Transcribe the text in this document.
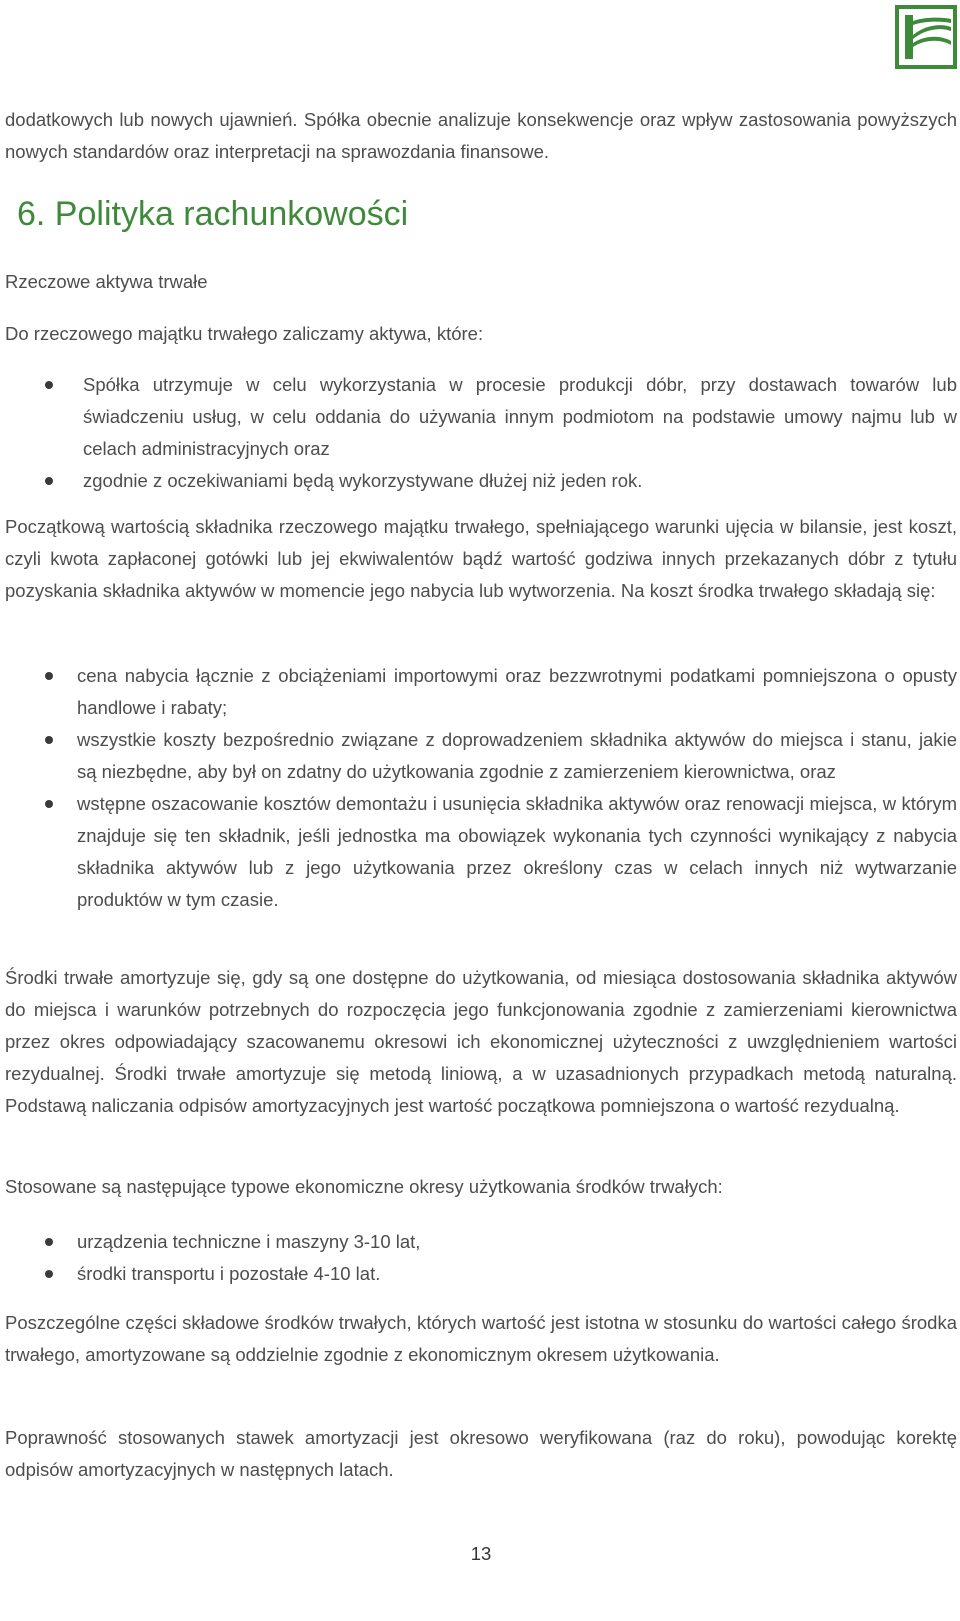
dodatkowych lub nowych ujawnień. Spółka obecnie analizuje konsekwencje oraz wpływ zastosowania powyższych nowych standardów oraz interpretacji na sprawozdania finansowe.

6. Polityka rachunkowości
Rzeczowe aktywa trwałe

Do rzeczowego majątku trwałego zaliczamy aktywa, które:

Spółka utrzymuje w celu wykorzystania w procesie produkcji dóbr, przy dostawach towarów lub świadczeniu usług, w celu oddania do używania innym podmiotom na podstawie umowy najmu lub w celach administracyjnych oraz
zgodnie z oczekiwaniami będą wykorzystywane dłużej niż jeden rok.

Początkową wartością składnika rzeczowego majątku trwałego, spełniającego warunki ujęcia w bilansie, jest koszt, czyli kwota zapłaconej gotówki lub jej ekwiwalentów bądź wartość godziwa innych przekazanych dóbr z tytułu pozyskania składnika aktywów w momencie jego nabycia lub wytworzenia. Na koszt środka trwałego składają się:

cena nabycia łącznie z obciążeniami importowymi oraz bezzwrotnymi podatkami pomniejszona o opusty handlowe i rabaty;
wszystkie koszty bezpośrednio związane z doprowadzeniem składnika aktywów do miejsca i stanu, jakie są niezbędne, aby był on zdatny do użytkowania zgodnie z zamierzeniem kierownictwa, oraz
wstępne oszacowanie kosztów demontażu i usunięcia składnika aktywów oraz renowacji miejsca, w którym znajduje się ten składnik, jeśli jednostka ma obowiązek wykonania tych czynności wynikający z nabycia składnika aktywów lub z jego użytkowania przez określony czas w celach innych niż wytwarzanie produktów w tym czasie.

Środki trwałe amortyzuje się, gdy są one dostępne do użytkowania, od miesiąca dostosowania składnika aktywów do miejsca i warunków potrzebnych do rozpoczęcia jego funkcjonowania zgodnie z zamierzeniami kierownictwa przez okres odpowiadający szacowanemu okresowi ich ekonomicznej użyteczności z uwzględnieniem wartości rezydualnej. Środki trwałe amortyzuje się metodą liniową, a w uzasadnionych przypadkach metodą naturalną. Podstawą naliczania odpisów amortyzacyjnych jest wartość początkowa pomniejszona o wartość rezydualną.

Stosowane są następujące typowe ekonomiczne okresy użytkowania środków trwałych:

urządzenia techniczne i maszyny 3-10 lat,
środki transportu i pozostałe 4-10 lat.

Poszczególne części składowe środków trwałych, których wartość jest istotna w stosunku do wartości całego środka trwałego, amortyzowane są oddzielnie zgodnie z ekonomicznym okresem użytkowania.

Poprawność stosowanych stawek amortyzacji jest okresowo weryfikowana (raz do roku), powodując korektę odpisów amortyzacyjnych w następnych latach.

13
